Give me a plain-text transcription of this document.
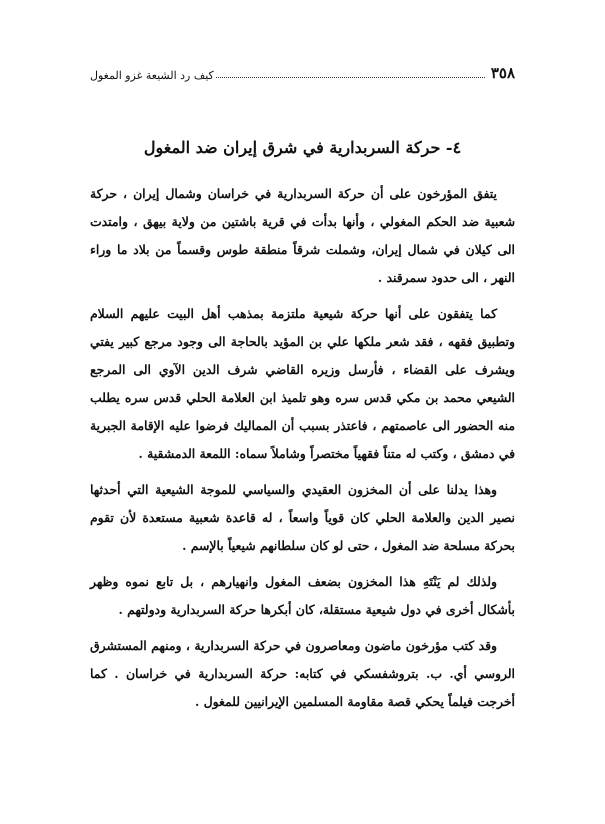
٣٥٨
كيف رد الشيعة غزو المغول
٤- حركة السربدارية في شرق إيران ضد المغول

يتفق المؤرخون على أن حركة السربدارية في خراسان وشمال إيران ، حركة شعبية ضد الحكم المغولي ، وأنها بدأت في قرية باشتين من ولاية بيهق ، وامتدت الى كيلان في شمال إيران، وشملت شرقاً منطقة طوس وقسماً من بلاد ما وراء النهر ، الى حدود سمرقند .

كما يتفقون على أنها حركة شيعية ملتزمة بمذهب أهل البيت عليهم السلام وتطبيق فقهه ، فقد شعر ملكها علي بن المؤيد بالحاجة الى وجود مرجع كبير يفتي ويشرف على القضاء ، فأرسل وزيره القاضي شرف الدين الآوي الى المرجع الشيعي محمد بن مكي قدس سره وهو تلميذ ابن العلامة الحلي قدس سره يطلب منه الحضور الى عاصمتهم ، فاعتذر بسبب أن المماليك فرضوا عليه الإقامة الجبرية في دمشق ، وكتب له متناً فقهياً مختصراً وشاملاً سماه: اللمعة الدمشقية .

وهذا يدلنا على أن المخزون العقيدي والسياسي للموجة الشيعية التي أحدثها نصير الدين والعلامة الحلي كان قوياً واسعاً ، له قاعدة شعبية مستعدة لأن تقوم بحركة مسلحة ضد المغول ، حتى لو كان سلطانهم شيعياً بالإسم .

ولذلك لم يَنْتَهِ هذا المخزون بضعف المغول وانهيارهم ، بل تابع نموه وظهر بأشكال أخرى في دول شيعية مستقلة، كان أبكرها حركة السربدارية ودولتهم .

وقد كتب مؤرخون ماضون ومعاصرون في حركة السربدارية ، ومنهم المستشرق الروسي أي. ب. بتروشفسكي في كتابه: حركة السربدارية في خراسان . كما أخرجت فيلماً يحكي قصة مقاومة المسلمين الإيرانيين للمغول .
